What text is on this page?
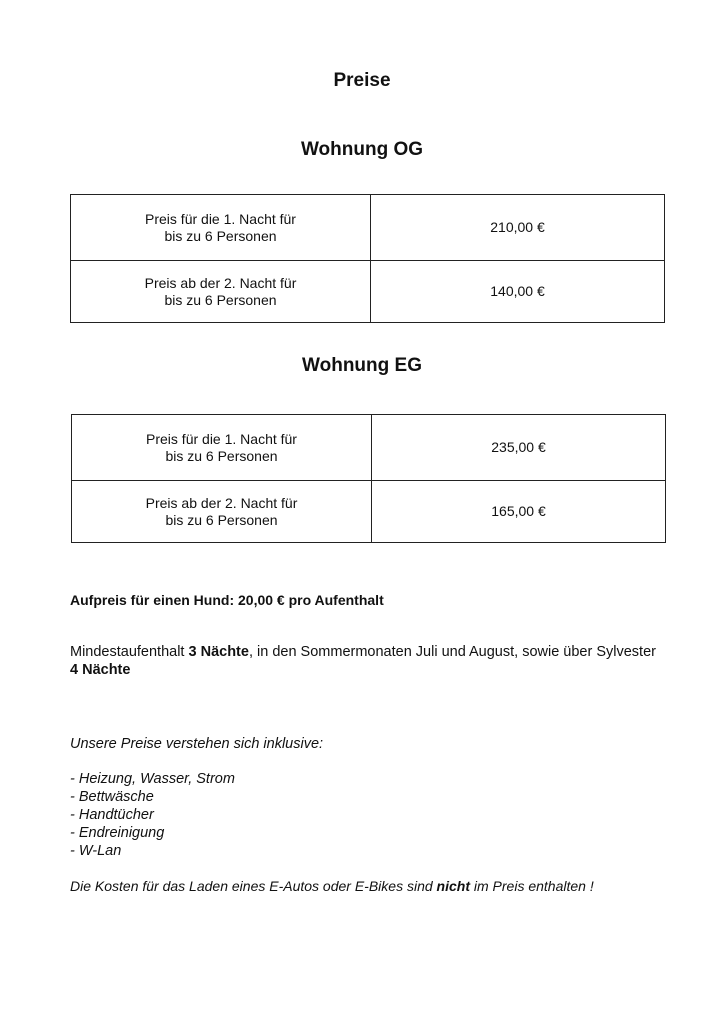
Preise
Wohnung OG
Preis für die 1. Nacht für
bis zu 6 Personen	210,00 €
Preis ab der 2. Nacht für
bis zu 6 Personen	140,00 €
Wohnung EG
Preis für die 1. Nacht für
bis zu 6 Personen	235,00 €
Preis ab der 2. Nacht für
bis zu 6 Personen	165,00 €
Aufpreis für einen Hund: 20,00 € pro Aufenthalt
Mindestaufenthalt 3 Nächte, in den Sommermonaten Juli und August, sowie über Sylvester 4 Nächte
Unsere Preise verstehen sich inklusive:
- Heizung, Wasser, Strom
- Bettwäsche
- Handtücher
- Endreinigung
- W-Lan
Die Kosten für das Laden eines E-Autos oder E-Bikes sind nicht im Preis enthalten !
